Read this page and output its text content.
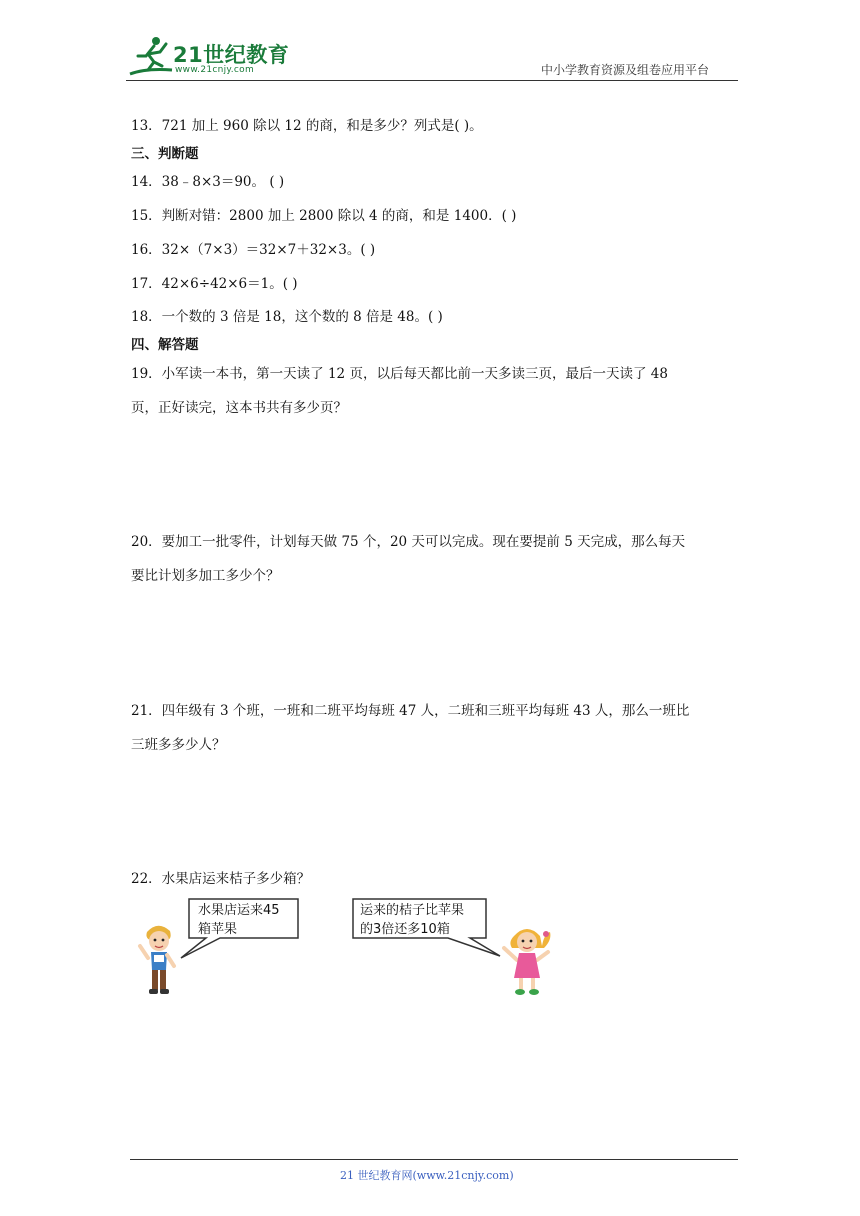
21世纪教育
www.21cnjy.com	中小学教育资源及组卷应用平台
13．721 加上 960 除以 12 的商，和是多少？列式是( )。
三、判断题
14．38﹣8×3＝90。 ( )
15．判断对错：2800 加上 2800 除以 4 的商，和是 1400．( )
16．32×（7×3）＝32×7＋32×3。( )
17．42×6÷42×6＝1。( )
18．一个数的 3 倍是 18，这个数的 8 倍是 48。( )
四、解答题
19．小军读一本书，第一天读了 12 页，以后每天都比前一天多读三页，最后一天读了 48
页，正好读完，这本书共有多少页？
20．要加工一批零件，计划每天做 75 个，20 天可以完成。现在要提前 5 天完成，那么每天
要比计划多加工多少个？
21．四年级有 3 个班，一班和二班平均每班 47 人，二班和三班平均每班 43 人，那么一班比
三班多多少人？
22．水果店运来桔子多少箱？
水果店运来45
箱苹果
运来的桔子比苹果
的3倍还多10箱
21 世纪教育网(www.21cnjy.com)
